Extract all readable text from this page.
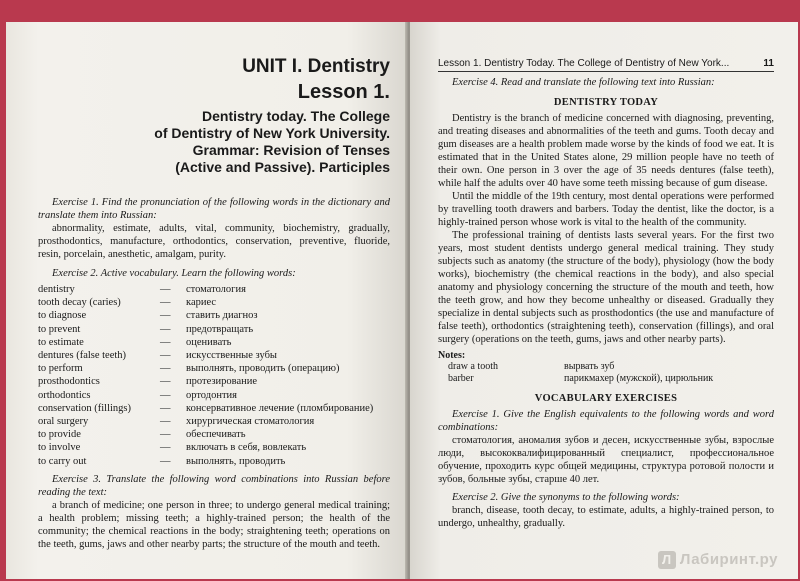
UNIT I. Dentistry
Lesson 1.
Dentistry today. The College
of Dentistry of New York University.
Grammar: Revision of Tenses
(Active and Passive). Participles

Exercise 1. Find the pronunciation of the following words in the dictionary and translate them into Russian:

abnormality, estimate, adults, vital, community, biochemistry, gradually, prosthodontics, manufacture, orthodontics, conservation, preventive, fluoride, resin, porcelain, anesthetic, amalgam, purity.

Exercise 2. Active vocabulary. Learn the following words:

dentistry	—	стоматология
tooth decay (caries)	—	кариес
to diagnose	—	ставить диагноз
to prevent	—	предотвращать
to estimate	—	оценивать
dentures (false teeth)	—	искусственные зубы
to perform	—	выполнять, проводить (операцию)
prosthodontics	—	протезирование
orthodontics	—	ортодонтия
conservation (fillings)	—	консервативное лечение (пломбирование)
oral surgery	—	хирургическая стоматология
to provide	—	обеспечивать
to involve	—	включать в себя, вовлекать
to carry out	—	выполнять, проводить

Exercise 3. Translate the following word combinations into Russian before reading the text:

a branch of medicine; one person in three; to undergo general medical training; a health problem; missing teeth; a highly-trained person; the health of the community; the chemical reactions in the body; straightening teeth; operations on the teeth, gums, jaws and other nearby parts; the structure of the mouth and teeth.

Lesson 1. Dentistry Today. The College of Dentistry of New York...	11

Exercise 4. Read and translate the following text into Russian:

DENTISTRY TODAY

Dentistry is the branch of medicine concerned with diagnosing, preventing, and treating diseases and abnormalities of the teeth and gums. Tooth decay and gum diseases are a health problem made worse by the kinds of food we eat. It is estimated that in the United States alone, 29 million people have no teeth of their own. One person in 3 over the age of 35 needs dentures (false teeth), while half the adults over 40 have some teeth missing because of gum disease.

Until the middle of the 19th century, most dental operations were performed by travelling tooth drawers and barbers. Today the dentist, like the doctor, is a highly-trained person whose work is vital to the health of the community.

The professional training of dentists lasts several years. For the first two years, most student dentists undergo general medical training. They study subjects such as anatomy (the structure of the body), physiology (how the body works), biochemistry (the chemical reactions in the body), and also special anatomy and physiology concerning the structure of the mouth and teeth, how the teeth grow, and how they become unhealthy or diseased. Gradually they specialize in dental subjects such as prosthodontics (the use and manufacture of false teeth), orthodontics (straightening teeth), conservation (fillings), and oral surgery (operations on the teeth, gums, jaws and other nearby parts).

Notes:
draw a tooth	вырвать зуб
barber	парикмахер (мужской), цирюльник
VOCABULARY EXERCISES

Exercise 1. Give the English equivalents to the following words and word combinations:

стоматология, аномалия зубов и десен, искусственные зубы, взрослые люди, высококвалифицированный специалист, профессиональное обучение, проходить курс общей медицины, структура ротовой полости и зубов, больные зубы, старше 40 лет.

Exercise 2. Give the synonyms to the following words:

branch, disease, tooth decay, to estimate, adults, a highly-trained person, to undergo, unhealthy, gradually.

Л Лабиринт.ру
